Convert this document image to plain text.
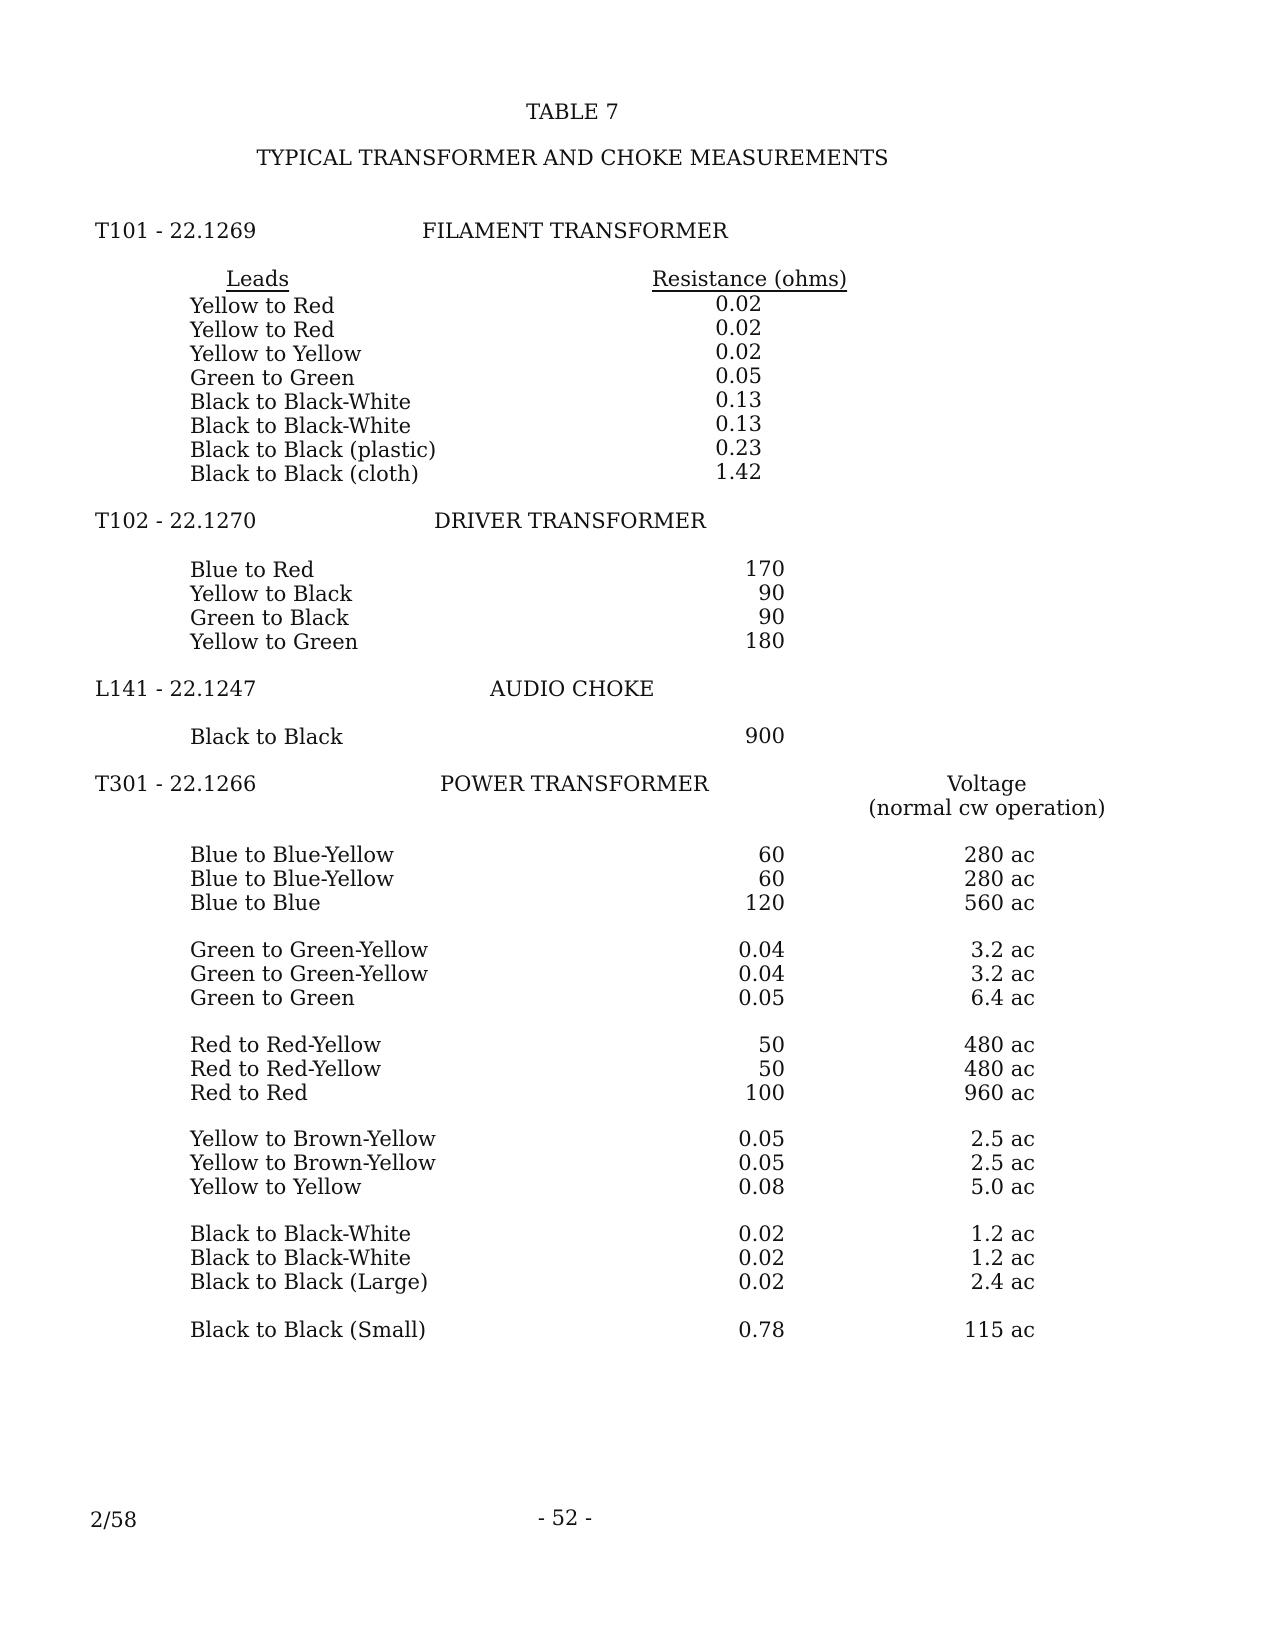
TABLE 7
TYPICAL TRANSFORMER AND CHOKE MEASUREMENTS
T101 - 22.1269	FILAMENT TRANSFORMER
Leads	Resistance (ohms)
Yellow to Red	0.02
Yellow to Red	0.02
Yellow to Yellow	0.02
Green to Green	0.05
Black to Black-White	0.13
Black to Black-White	0.13
Black to Black (plastic)	0.23
Black to Black (cloth)	1.42
T102 - 22.1270	DRIVER TRANSFORMER
Blue to Red	170
Yellow to Black	90
Green to Black	90
Yellow to Green	180
L141 - 22.1247	AUDIO CHOKE
Black to Black	900
T301 - 22.1266	POWER TRANSFORMER	Voltage
(normal cw operation)
Blue to Blue-Yellow	60	280 ac
Blue to Blue-Yellow	60	280 ac
Blue to Blue	120	560 ac
Green to Green-Yellow	0.04	3.2 ac
Green to Green-Yellow	0.04	3.2 ac
Green to Green	0.05	6.4 ac
Red to Red-Yellow	50	480 ac
Red to Red-Yellow	50	480 ac
Red to Red	100	960 ac
Yellow to Brown-Yellow	0.05	2.5 ac
Yellow to Brown-Yellow	0.05	2.5 ac
Yellow to Yellow	0.08	5.0 ac
Black to Black-White	0.02	1.2 ac
Black to Black-White	0.02	1.2 ac
Black to Black (Large)	0.02	2.4 ac
Black to Black (Small)	0.78	115 ac
2/58	- 52 -
